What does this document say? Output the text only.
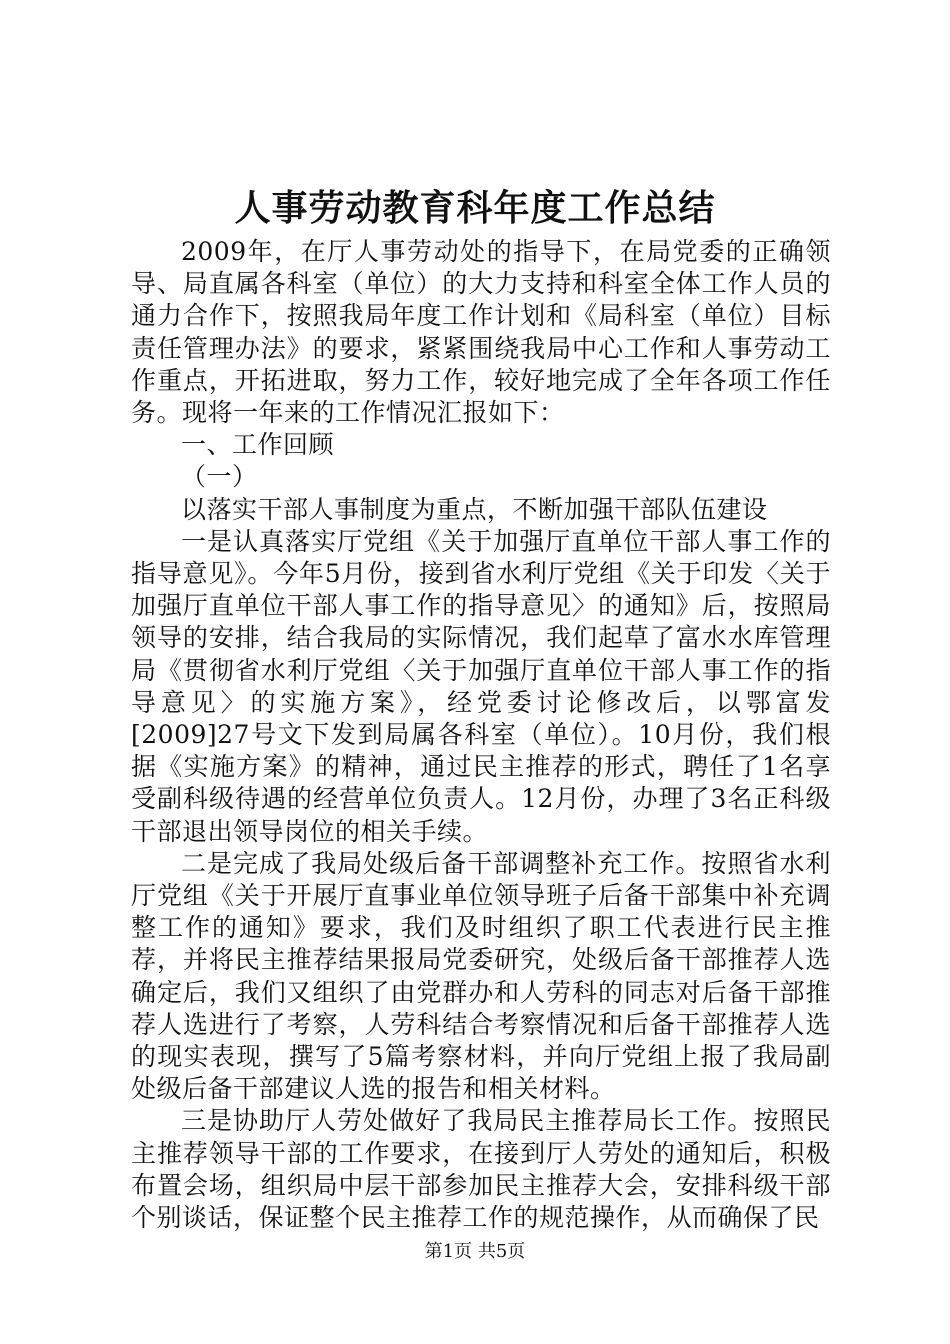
人事劳动教育科年度工作总结

2009年，在厅人事劳动处的指导下，在局党委的正确领导、局直属各科室（单位）的大力支持和科室全体工作人员的通力合作下，按照我局年度工作计划和《局科室（单位）目标责任管理办法》的要求，紧紧围绕我局中心工作和人事劳动工作重点，开拓进取，努力工作，较好地完成了全年各项工作任务。现将一年来的工作情况汇报如下：

一、工作回顾

（一）

以落实干部人事制度为重点，不断加强干部队伍建设

一是认真落实厅党组《关于加强厅直单位干部人事工作的指导意见》。今年5月份，接到省水利厅党组《关于印发〈关于加强厅直单位干部人事工作的指导意见〉的通知》后，按照局领导的安排，结合我局的实际情况，我们起草了富水水库管理局《贯彻省水利厅党组〈关于加强厅直单位干部人事工作的指导意见〉的实施方案》，经党委讨论修改后，以鄂富发[2009]27号文下发到局属各科室（单位）。10月份，我们根据《实施方案》的精神，通过民主推荐的形式，聘任了1名享受副科级待遇的经营单位负责人。12月份，办理了3名正科级干部退出领导岗位的相关手续。

二是完成了我局处级后备干部调整补充工作。按照省水利厅党组《关于开展厅直事业单位领导班子后备干部集中补充调整工作的通知》要求，我们及时组织了职工代表进行民主推荐，并将民主推荐结果报局党委研究，处级后备干部推荐人选确定后，我们又组织了由党群办和人劳科的同志对后备干部推荐人选进行了考察，人劳科结合考察情况和后备干部推荐人选的现实表现，撰写了5篇考察材料，并向厅党组上报了我局副处级后备干部建议人选的报告和相关材料。

三是协助厅人劳处做好了我局民主推荐局长工作。按照民主推荐领导干部的工作要求，在接到厅人劳处的通知后，积极布置会场，组织局中层干部参加民主推荐大会，安排科级干部个别谈话，保证整个民主推荐工作的规范操作，从而确保了民

第1页 共5页
